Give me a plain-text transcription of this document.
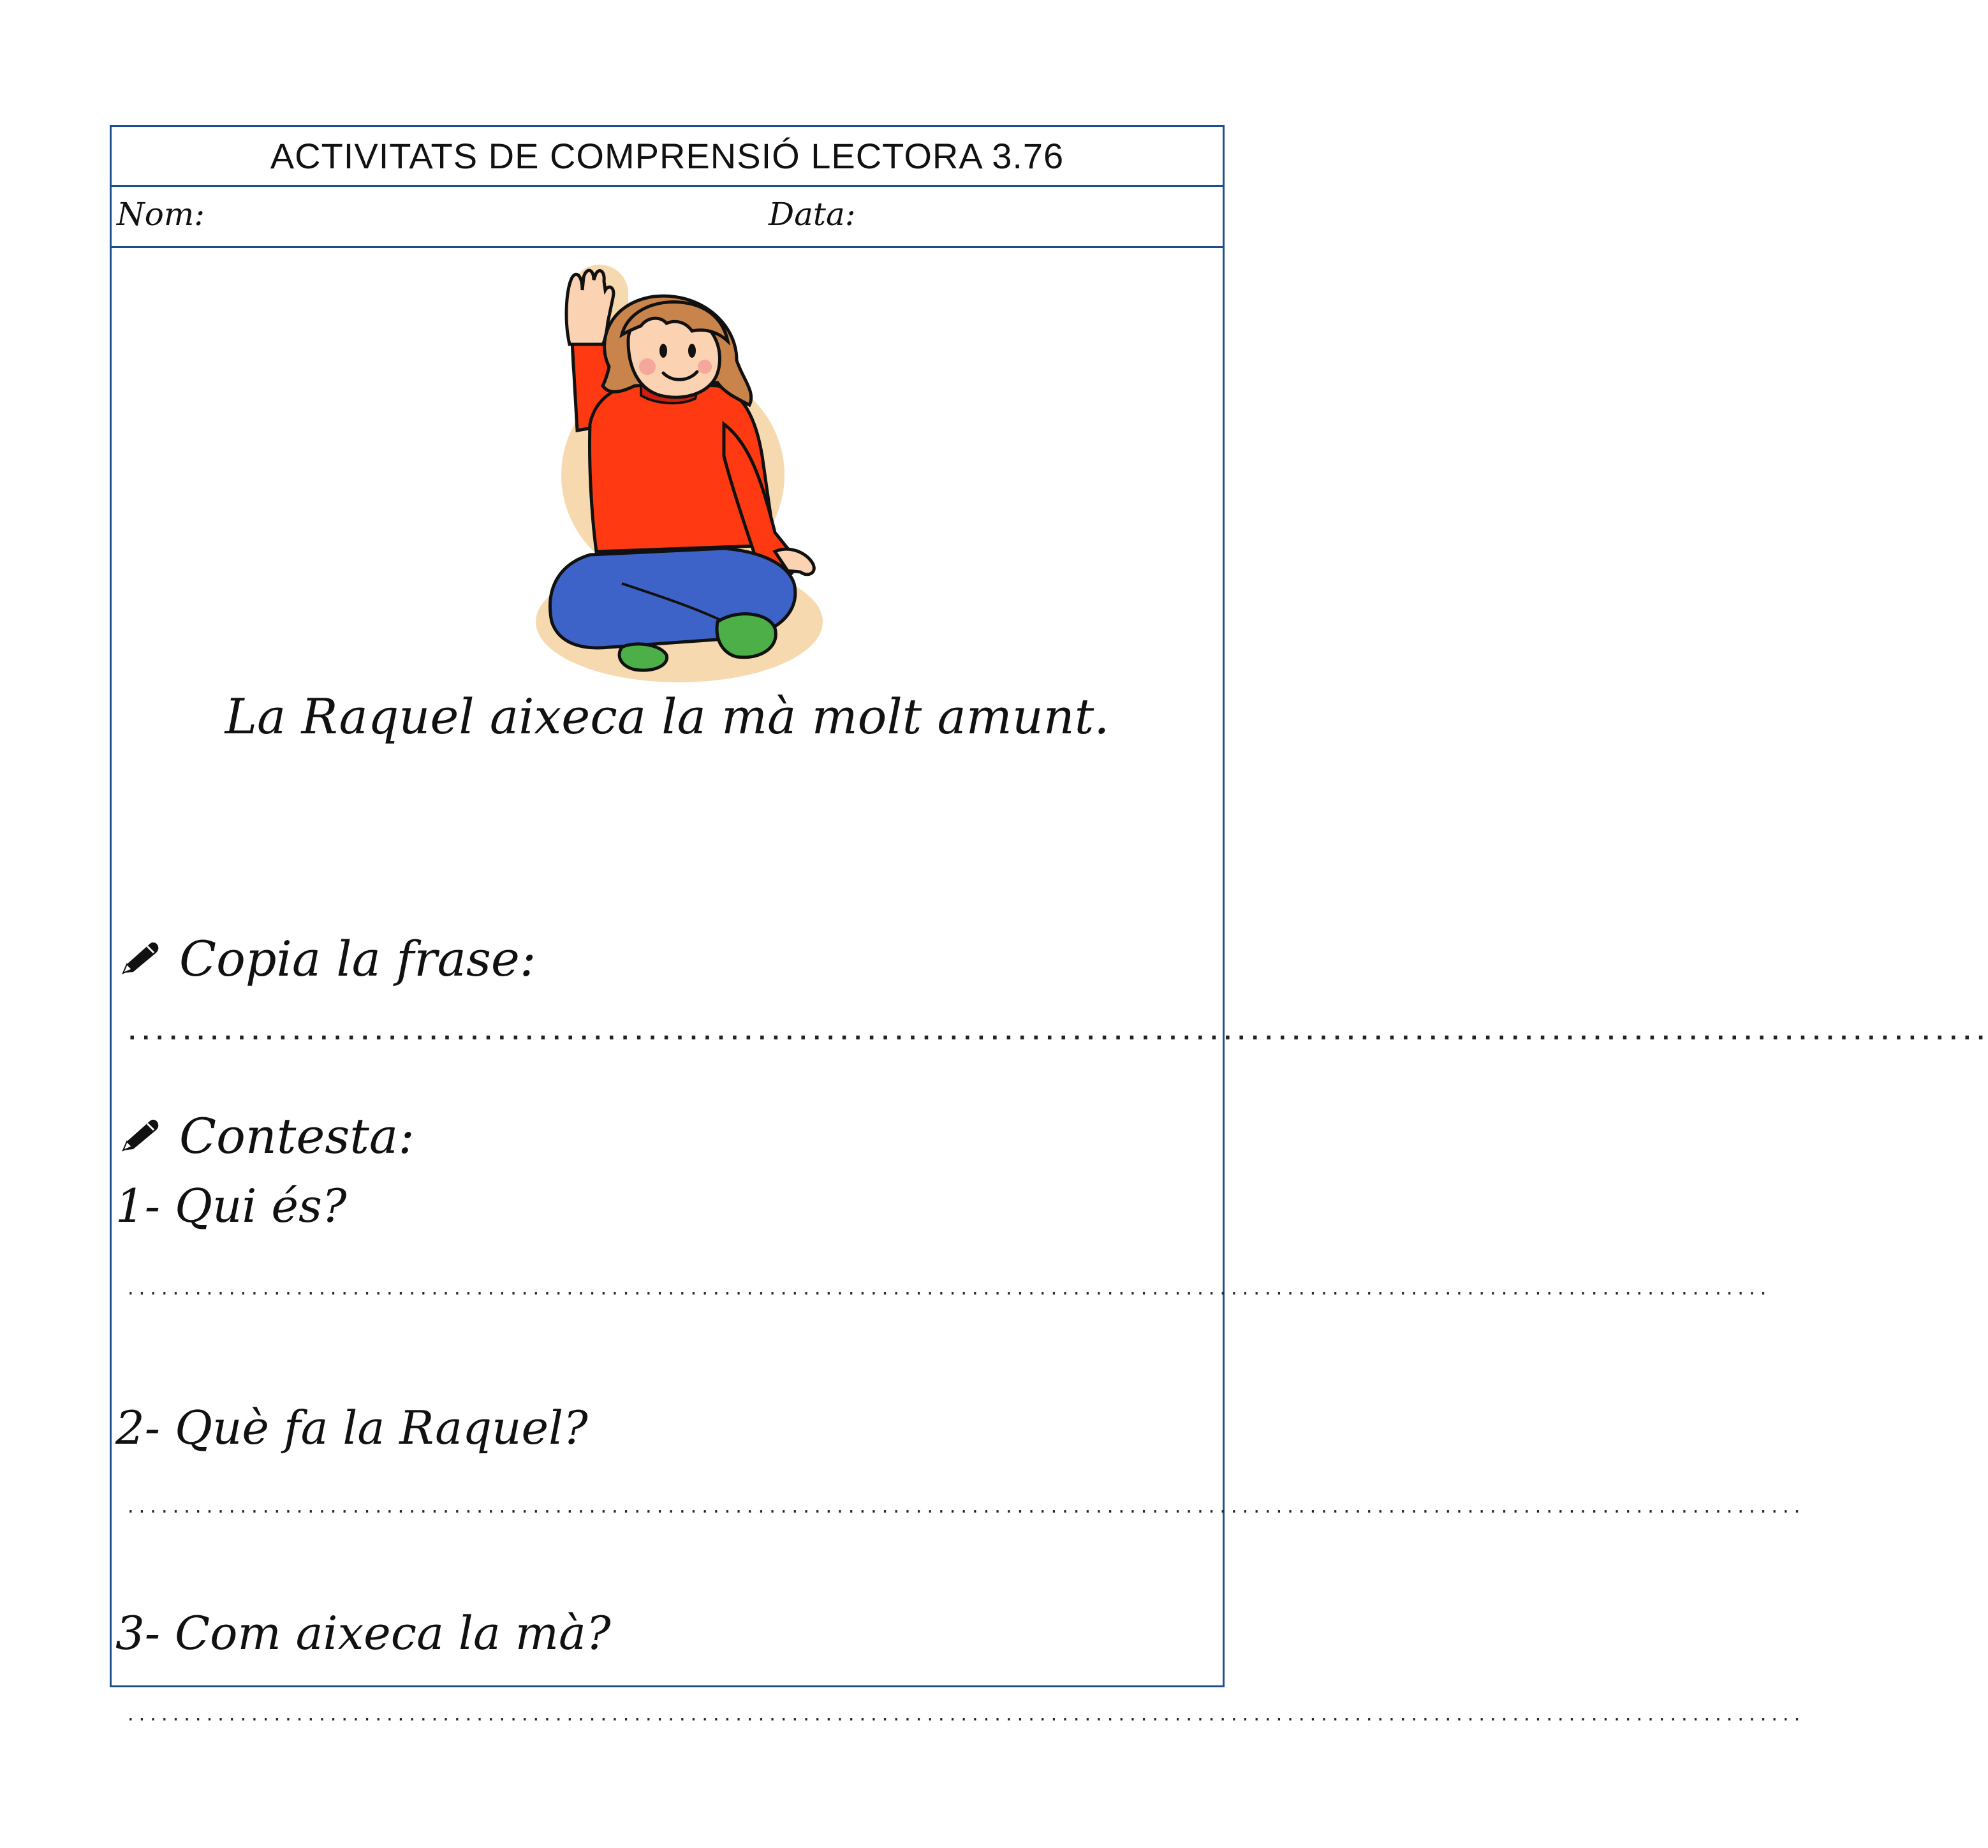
ACTIVITATS DE COMPRENSIÓ LECTORA 3.76
Nom:	Data:
La Raquel aixeca la mà molt amunt.
Copia la frase:
........................................................................................................................................
Contesta:
1- Qui és?
..................................................................................................................................................
2- Què fa la Raquel?
.....................................................................................................................................................
3- Com aixeca la mà?
.....................................................................................................................................................
